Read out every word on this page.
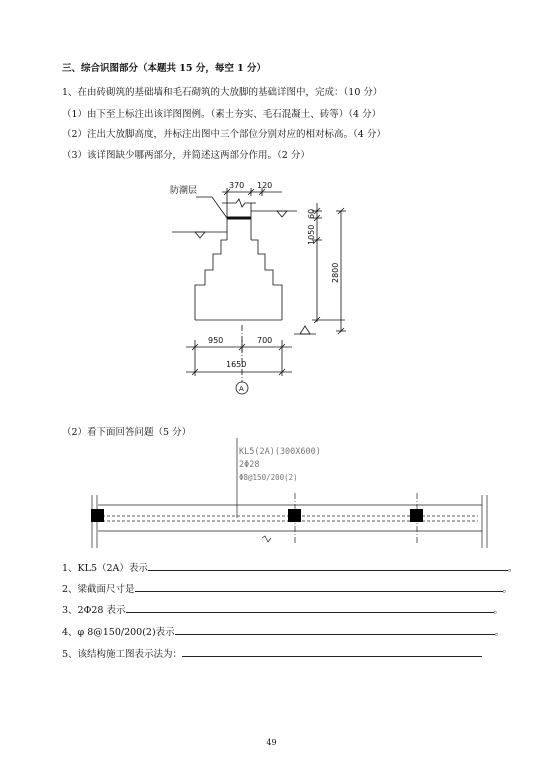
三、综合识图部分（本题共 15 分，每空 1 分）
1、在由砖砌筑的基础墙和毛石砌筑的大放脚的基础详图中，完成：（10 分）
（1）由下至上标注出该详图图例。（素土夯实、毛石混凝土、砖等）（4 分）
（2）注出大放脚高度，并标注出图中三个部位分别对应的相对标高。（4 分）
（3）该详图缺少哪两部分，并简述这两部分作用。（2 分）
防潮层
370 120
60
1050
2800
950	700
1650
A
KL5(2A)(300X600)
2Φ28
Φ8@150/200(2)
（2）看下面回答问题（5 分）
1、KL5（2A）表示	。
2、梁截面尺寸是	。
3、2Φ28 表示	。
4、φ 8@150/200(2)表示	。
5、该结构施工图表示法为：
49
